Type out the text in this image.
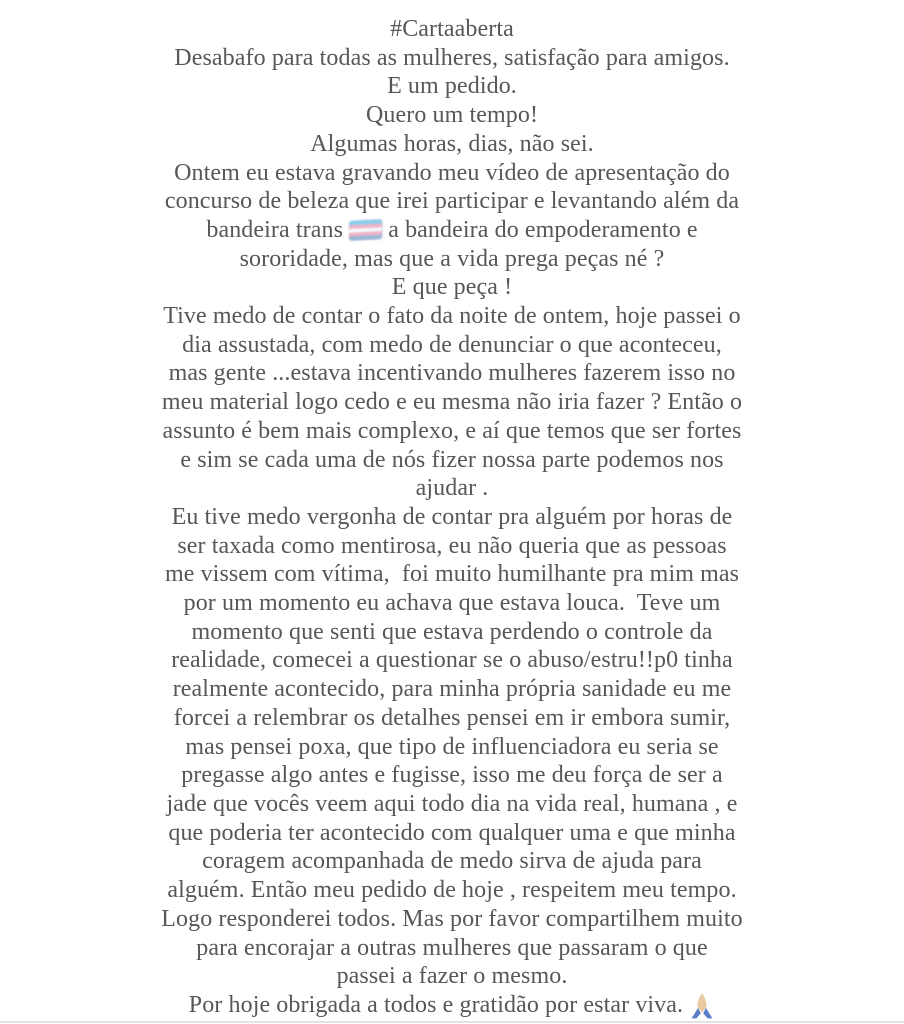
#Cartaaberta
Desabafo para todas as mulheres, satisfação para amigos.
E um pedido.
Quero um tempo!
Algumas horas, dias, não sei.
Ontem eu estava gravando meu vídeo de apresentação do
concurso de beleza que irei participar e levantando além da
bandeira trans  a bandeira do empoderamento e
sororidade, mas que a vida prega peças né ?
E que peça !
Tive medo de contar o fato da noite de ontem, hoje passei o
dia assustada, com medo de denunciar o que aconteceu,
mas gente ...estava incentivando mulheres fazerem isso no
meu material logo cedo e eu mesma não iria fazer ? Então o
assunto é bem mais complexo, e aí que temos que ser fortes
e sim se cada uma de nós fizer nossa parte podemos nos
ajudar .
Eu tive medo vergonha de contar pra alguém por horas de
ser taxada como mentirosa, eu não queria que as pessoas
me vissem com vítima,  foi muito humilhante pra mim mas
por um momento eu achava que estava louca.  Teve um
momento que senti que estava perdendo o controle da
realidade, comecei a questionar se o abuso/estru!!p0 tinha
realmente acontecido, para minha própria sanidade eu me
forcei a relembrar os detalhes pensei em ir embora sumir,
mas pensei poxa, que tipo de influenciadora eu seria se
pregasse algo antes e fugisse, isso me deu força de ser a
jade que vocês veem aqui todo dia na vida real, humana , e
que poderia ter acontecido com qualquer uma e que minha
coragem acompanhada de medo sirva de ajuda para
alguém. Então meu pedido de hoje , respeitem meu tempo.
Logo responderei todos. Mas por favor compartilhem muito
para encorajar a outras mulheres que passaram o que
passei a fazer o mesmo.
Por hoje obrigada a todos e gratidão por estar viva.
